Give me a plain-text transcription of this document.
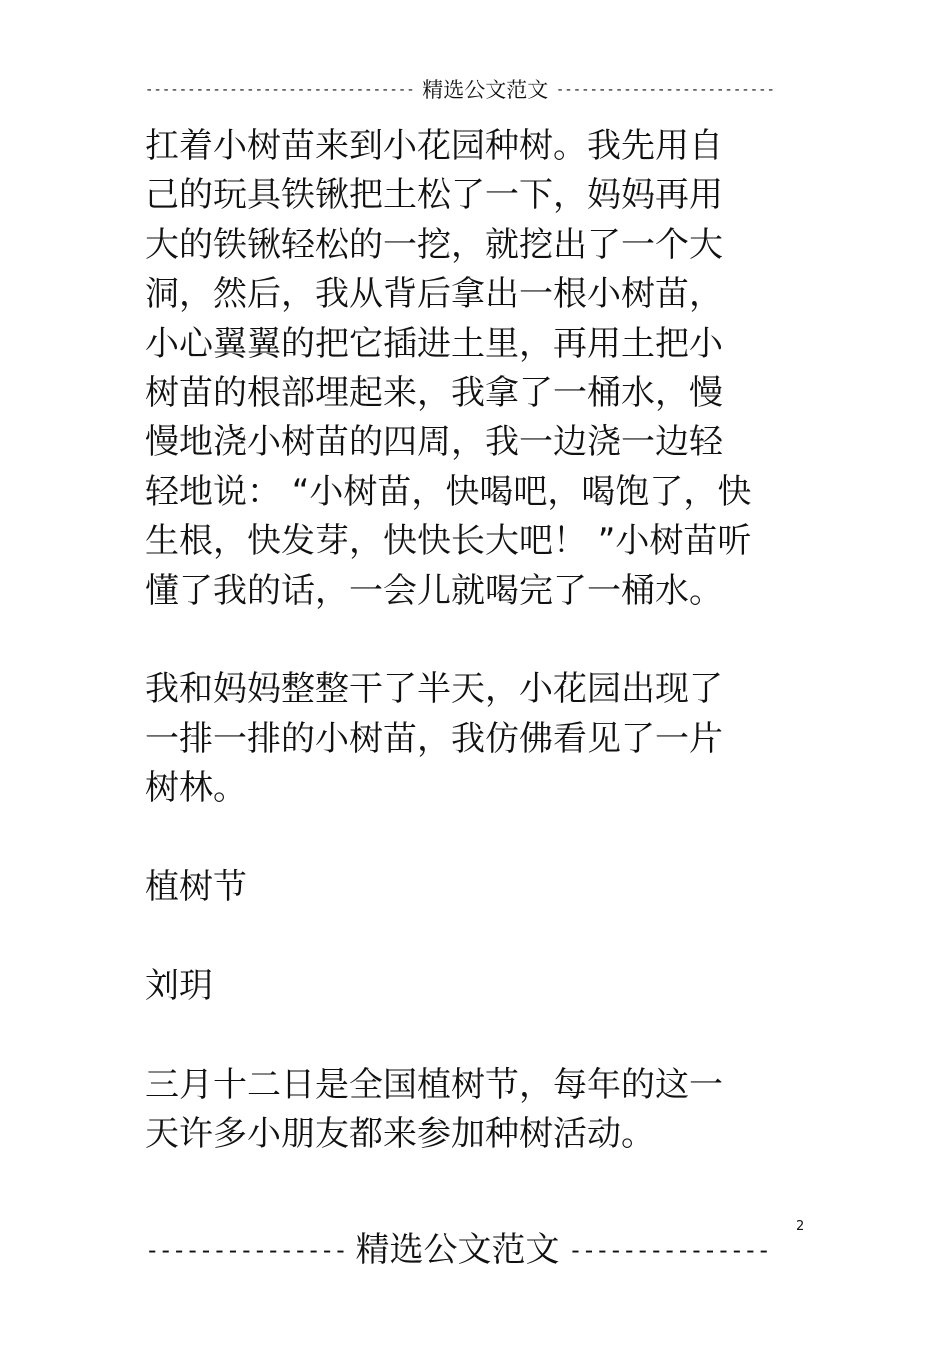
-------------------------------- 精选公文范文 --------------------------

扛着小树苗来到小花园种树。我先用自
己的玩具铁锹把土松了一下，妈妈再用
大的铁锹轻松的一挖，就挖出了一个大
洞，然后，我从背后拿出一根小树苗，
小心翼翼的把它插进土里，再用土把小
树苗的根部埋起来，我拿了一桶水，慢
慢地浇小树苗的四周，我一边浇一边轻
轻地说： “小树苗，快喝吧，喝饱了，快
生根，快发芽，快快长大吧！ ”小树苗听
懂了我的话，一会儿就喝完了一桶水。

我和妈妈整整干了半天，小花园出现了
一排一排的小树苗，我仿佛看见了一片
树林。

植树节

刘玥

三月十二日是全国植树节，每年的这一
天许多小朋友都来参加种树活动。

2
--------------- 精选公文范文 ---------------
